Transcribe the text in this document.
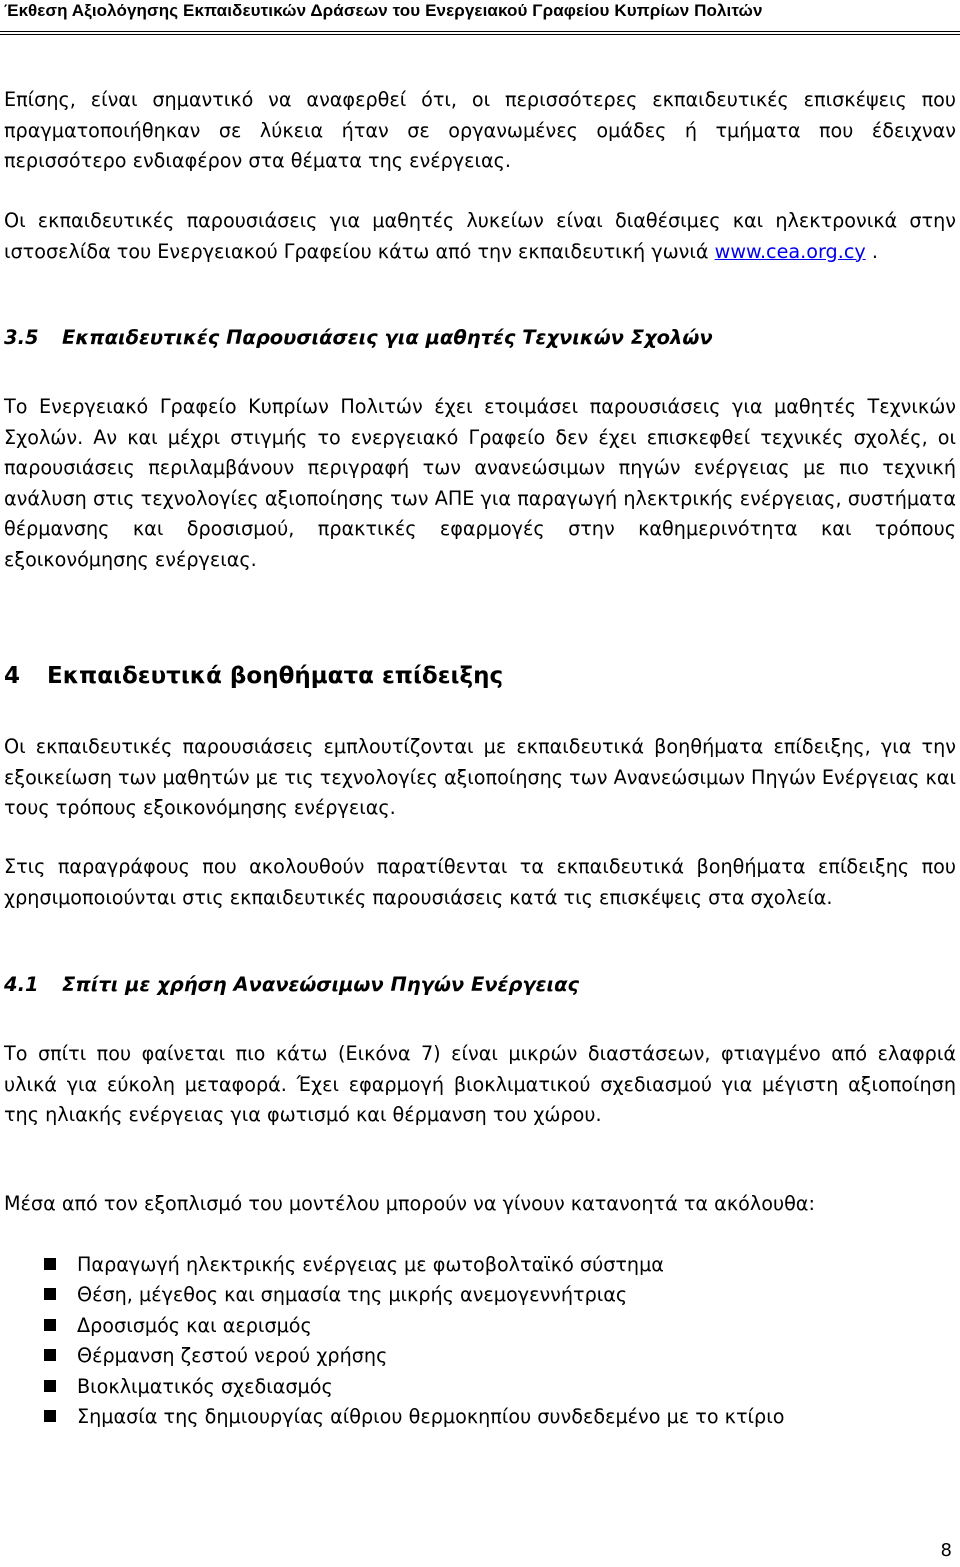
Έκθεση Αξιολόγησης Εκπαιδευτικών Δράσεων του Ενεργειακού Γραφείου Κυπρίων Πολιτών

Επίσης, είναι σημαντικό να αναφερθεί ότι, οι περισσότερες εκπαιδευτικές επισκέψεις που πραγματοποιήθηκαν σε λύκεια ήταν σε οργανωμένες ομάδες ή τμήματα που έδειχναν περισσότερο ενδιαφέρον στα θέματα της ενέργειας.

Οι εκπαιδευτικές παρουσιάσεις για μαθητές λυκείων είναι διαθέσιμες και ηλεκτρονικά στην ιστοσελίδα του Ενεργειακού Γραφείου κάτω από την εκπαιδευτική γωνιά www.cea.org.cy .

3.5 Εκπαιδευτικές Παρουσιάσεις για μαθητές Τεχνικών Σχολών

Το Ενεργειακό Γραφείο Κυπρίων Πολιτών έχει ετοιμάσει παρουσιάσεις για μαθητές Τεχνικών Σχολών. Αν και μέχρι στιγμής το ενεργειακό Γραφείο δεν έχει επισκεφθεί τεχνικές σχολές, οι παρουσιάσεις περιλαμβάνουν περιγραφή των ανανεώσιμων πηγών ενέργειας με πιο τεχνική ανάλυση στις τεχνολογίες αξιοποίησης των ΑΠΕ για παραγωγή ηλεκτρικής ενέργειας, συστήματα θέρμανσης και δροσισμού, πρακτικές εφαρμογές στην καθημερινότητα και τρόπους εξοικονόμησης ενέργειας.

4 Εκπαιδευτικά βοηθήματα επίδειξης

Οι εκπαιδευτικές παρουσιάσεις εμπλουτίζονται με εκπαιδευτικά βοηθήματα επίδειξης, για την εξοικείωση των μαθητών με τις τεχνολογίες αξιοποίησης των Ανανεώσιμων Πηγών Ενέργειας και τους τρόπους εξοικονόμησης ενέργειας.

Στις παραγράφους που ακολουθούν παρατίθενται τα εκπαιδευτικά βοηθήματα επίδειξης που χρησιμοποιούνται στις εκπαιδευτικές παρουσιάσεις κατά τις επισκέψεις στα σχολεία.

4.1 Σπίτι με χρήση Ανανεώσιμων Πηγών Ενέργειας

Το σπίτι που φαίνεται πιο κάτω (Εικόνα 7) είναι μικρών διαστάσεων, φτιαγμένο από ελαφριά υλικά για εύκολη μεταφορά. Έχει εφαρμογή βιοκλιματικού σχεδιασμού για μέγιστη αξιοποίηση της ηλιακής ενέργειας για φωτισμό και θέρμανση του χώρου.

Μέσα από τον εξοπλισμό του μοντέλου μπορούν να γίνουν κατανοητά τα ακόλουθα:

Παραγωγή ηλεκτρικής ενέργειας με φωτοβολταϊκό σύστημα
Θέση, μέγεθος και σημασία της μικρής ανεμογεννήτριας
Δροσισμός και αερισμός
Θέρμανση ζεστού νερού χρήσης
Βιοκλιματικός σχεδιασμός
Σημασία της δημιουργίας αίθριου θερμοκηπίου συνδεδεμένο με το κτίριο
8
